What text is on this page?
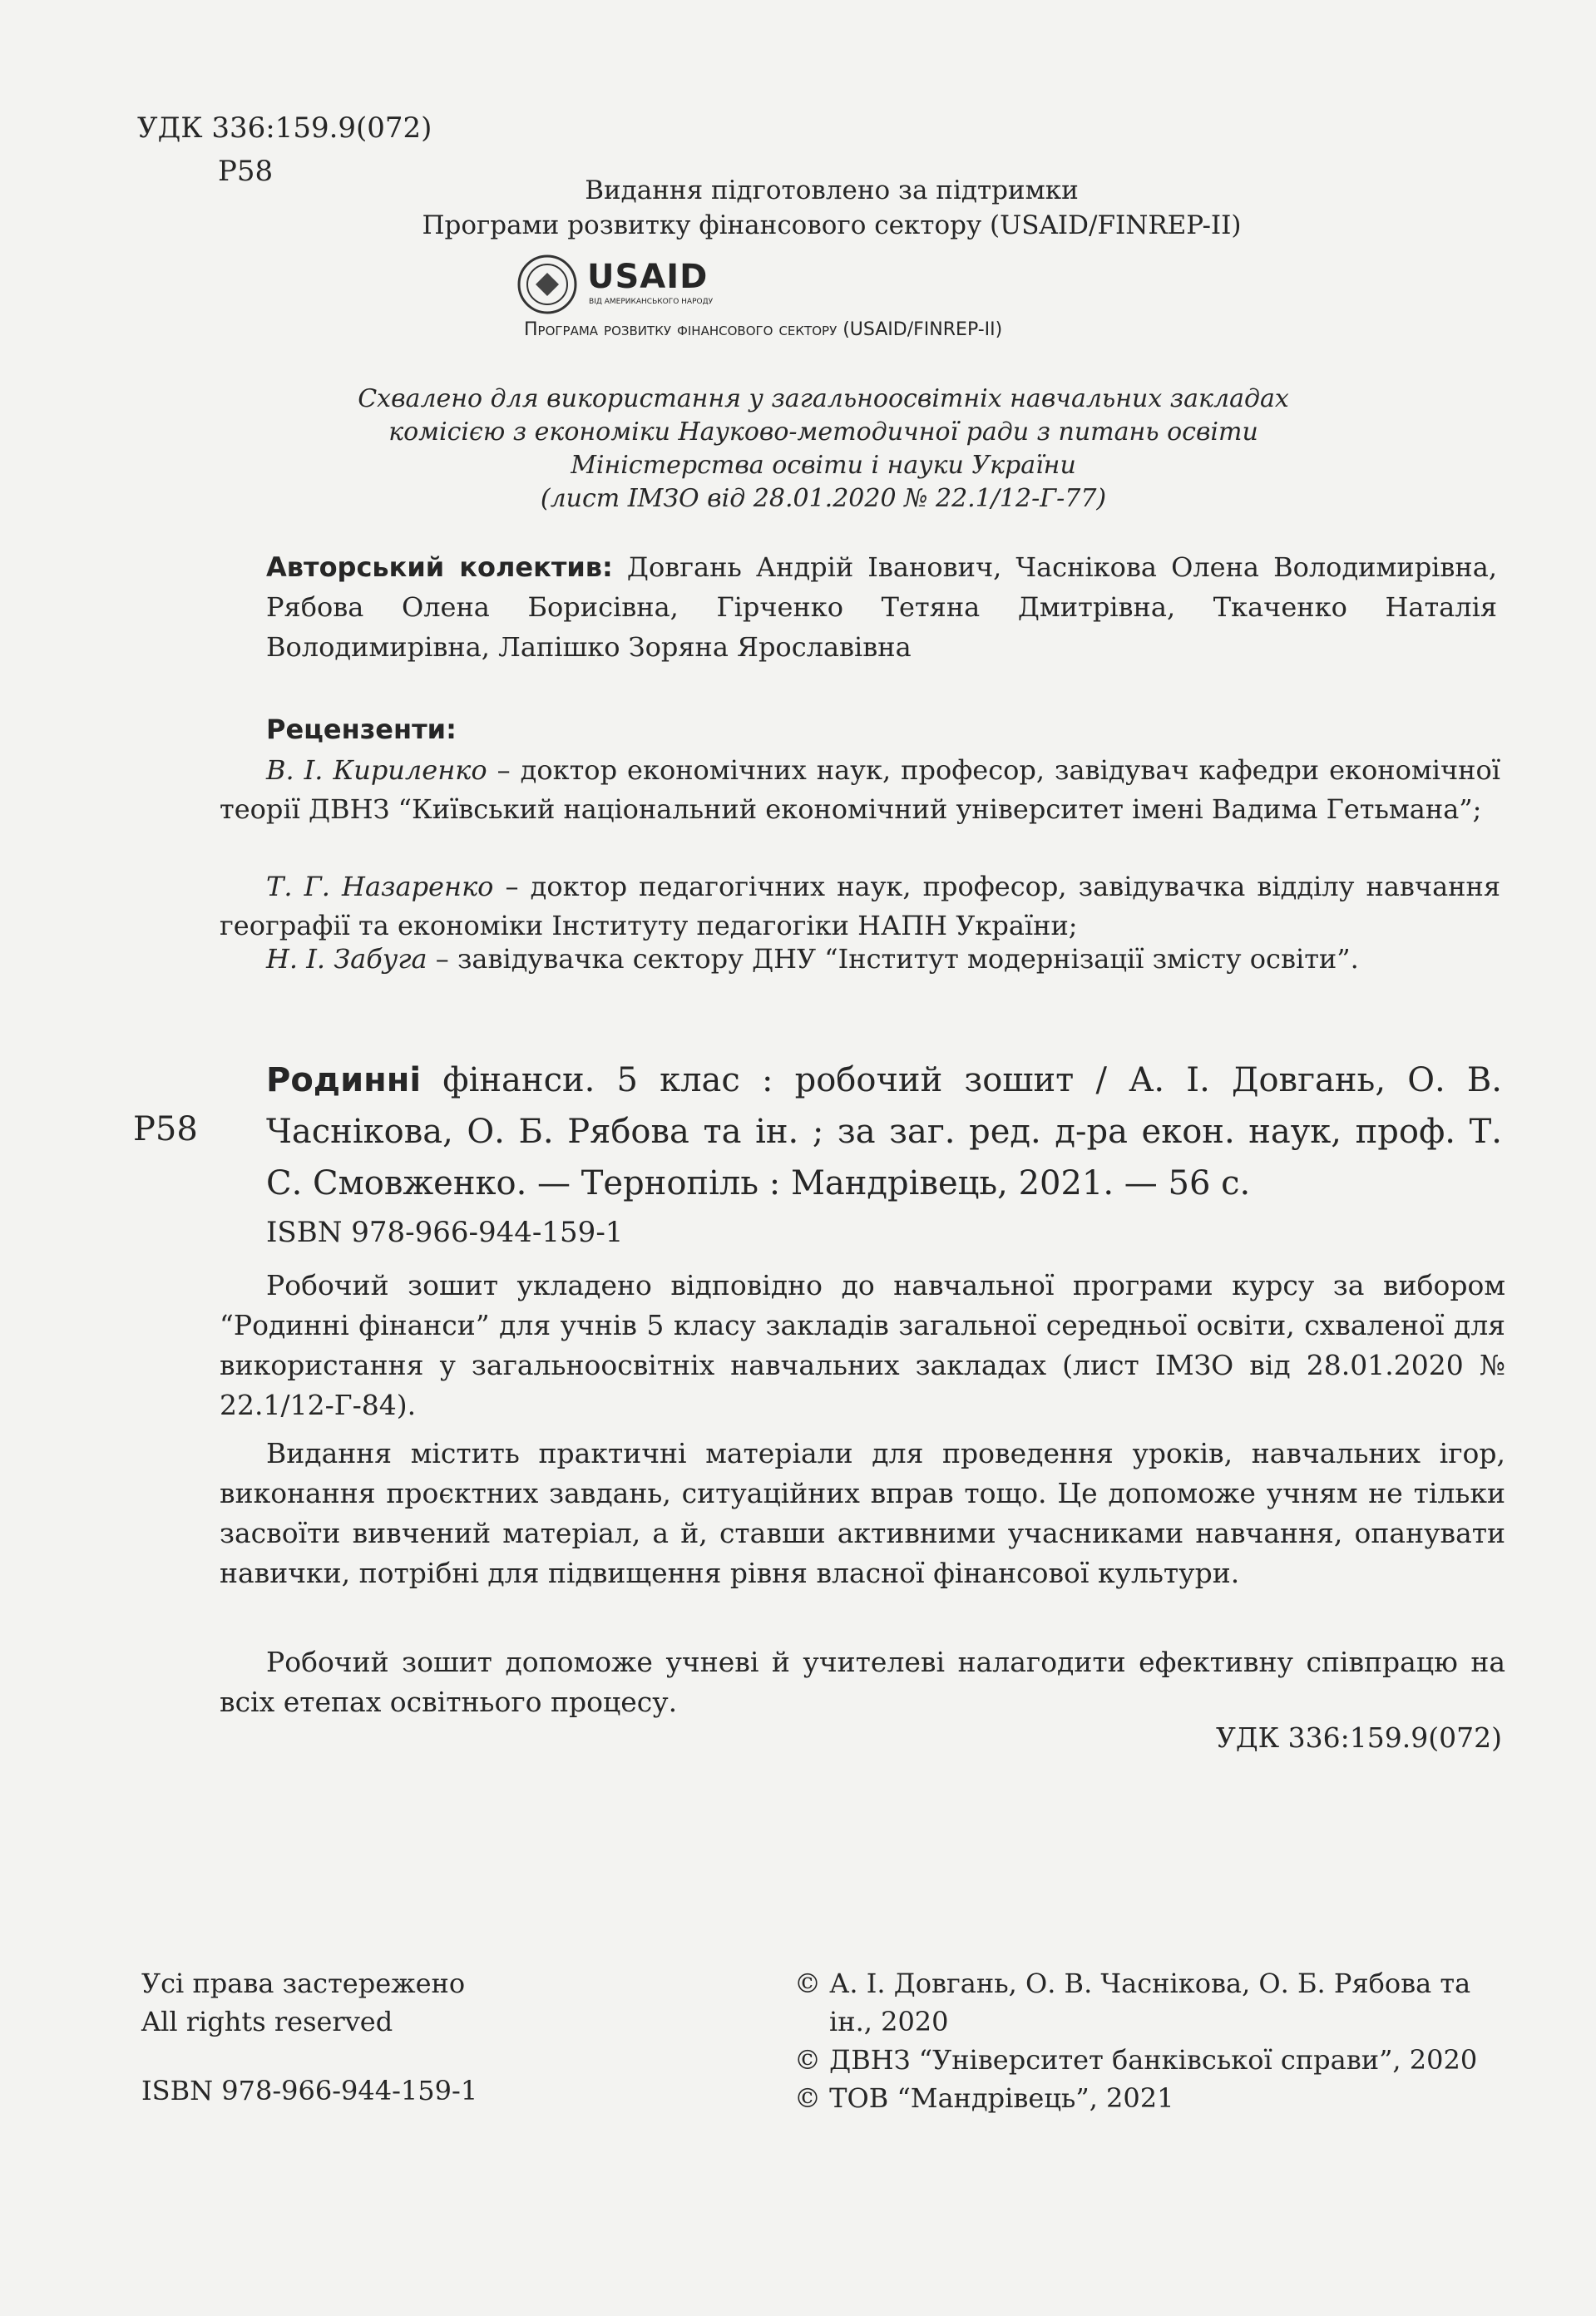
УДК 336:159.9(072)
Р58
Видання підготовлено за підтримки
Програми розвитку фінансового сектору (USAID/FINREP-II)
USAID
ВІД АМЕРИКАНСЬКОГО НАРОДУ
Програма розвитку фінансового сектору (USAID/FINREP-II)
Схвалено для використання у загальноосвітніх навчальних закладах
комісією з економіки Науково-методичної ради з питань освіти
Міністерства освіти і науки України
(лист ІМЗО від 28.01.2020 № 22.1/12-Г-77)
Авторський колектив: Довгань Андрій Іванович, Часнікова Олена Володимирівна, Рябова Олена Борисівна, Гірченко Тетяна Дмитрівна, Ткаченко Наталія Володимирівна, Лапішко Зоряна Ярославівна
Рецензенти:
В. І. Кириленко – доктор економічних наук, професор, завідувач кафедри економічної теорії ДВНЗ “Київський національний економічний університет імені Вадима Гетьмана”;
Т. Г. Назаренко – доктор педагогічних наук, професор, завідувачка відділу навчання географії та економіки Інституту педагогіки НАПН України;
Н. І. Забуга – завідувачка сектору ДНУ “Інститут модернізації змісту освіти”.
Р58
Родинні фінанси. 5 клас : робочий зошит / А. І. Довгань, О. В. Часнікова, О. Б. Рябова та ін. ; за заг. ред. д-ра екон. наук, проф. Т. С. Смовженко. — Тернопіль : Мандрівець, 2021. — 56 с.
ISBN 978-966-944-159-1
Робочий зошит укладено відповідно до навчальної програми курсу за вибором “Родинні фінанси” для учнів 5 класу закладів загальної середньої освіти, схваленої для використання у загальноосвітніх навчальних закладах (лист ІМЗО від 28.01.2020 № 22.1/12-Г-84).
Видання містить практичні матеріали для проведення уроків, навчальних ігор, виконання проєктних завдань, ситуаційних вправ тощо. Це допоможе учням не тільки засвоїти вивчений матеріал, а й, ставши активними учасниками навчання, опанувати навички, потрібні для підвищення рівня власної фінансової культури.
Робочий зошит допоможе учневі й учителеві налагодити ефективну співпрацю на всіх етепах освітнього процесу.
УДК 336:159.9(072)
Усі права застережено
All rights reserved
ISBN 978-966-944-159-1
© А. І. Довгань, О. В. Часнікова, О. Б. Рябова та ін., 2020
© ДВНЗ “Університет банківської справи”, 2020
© ТОВ “Мандрівець”, 2021
